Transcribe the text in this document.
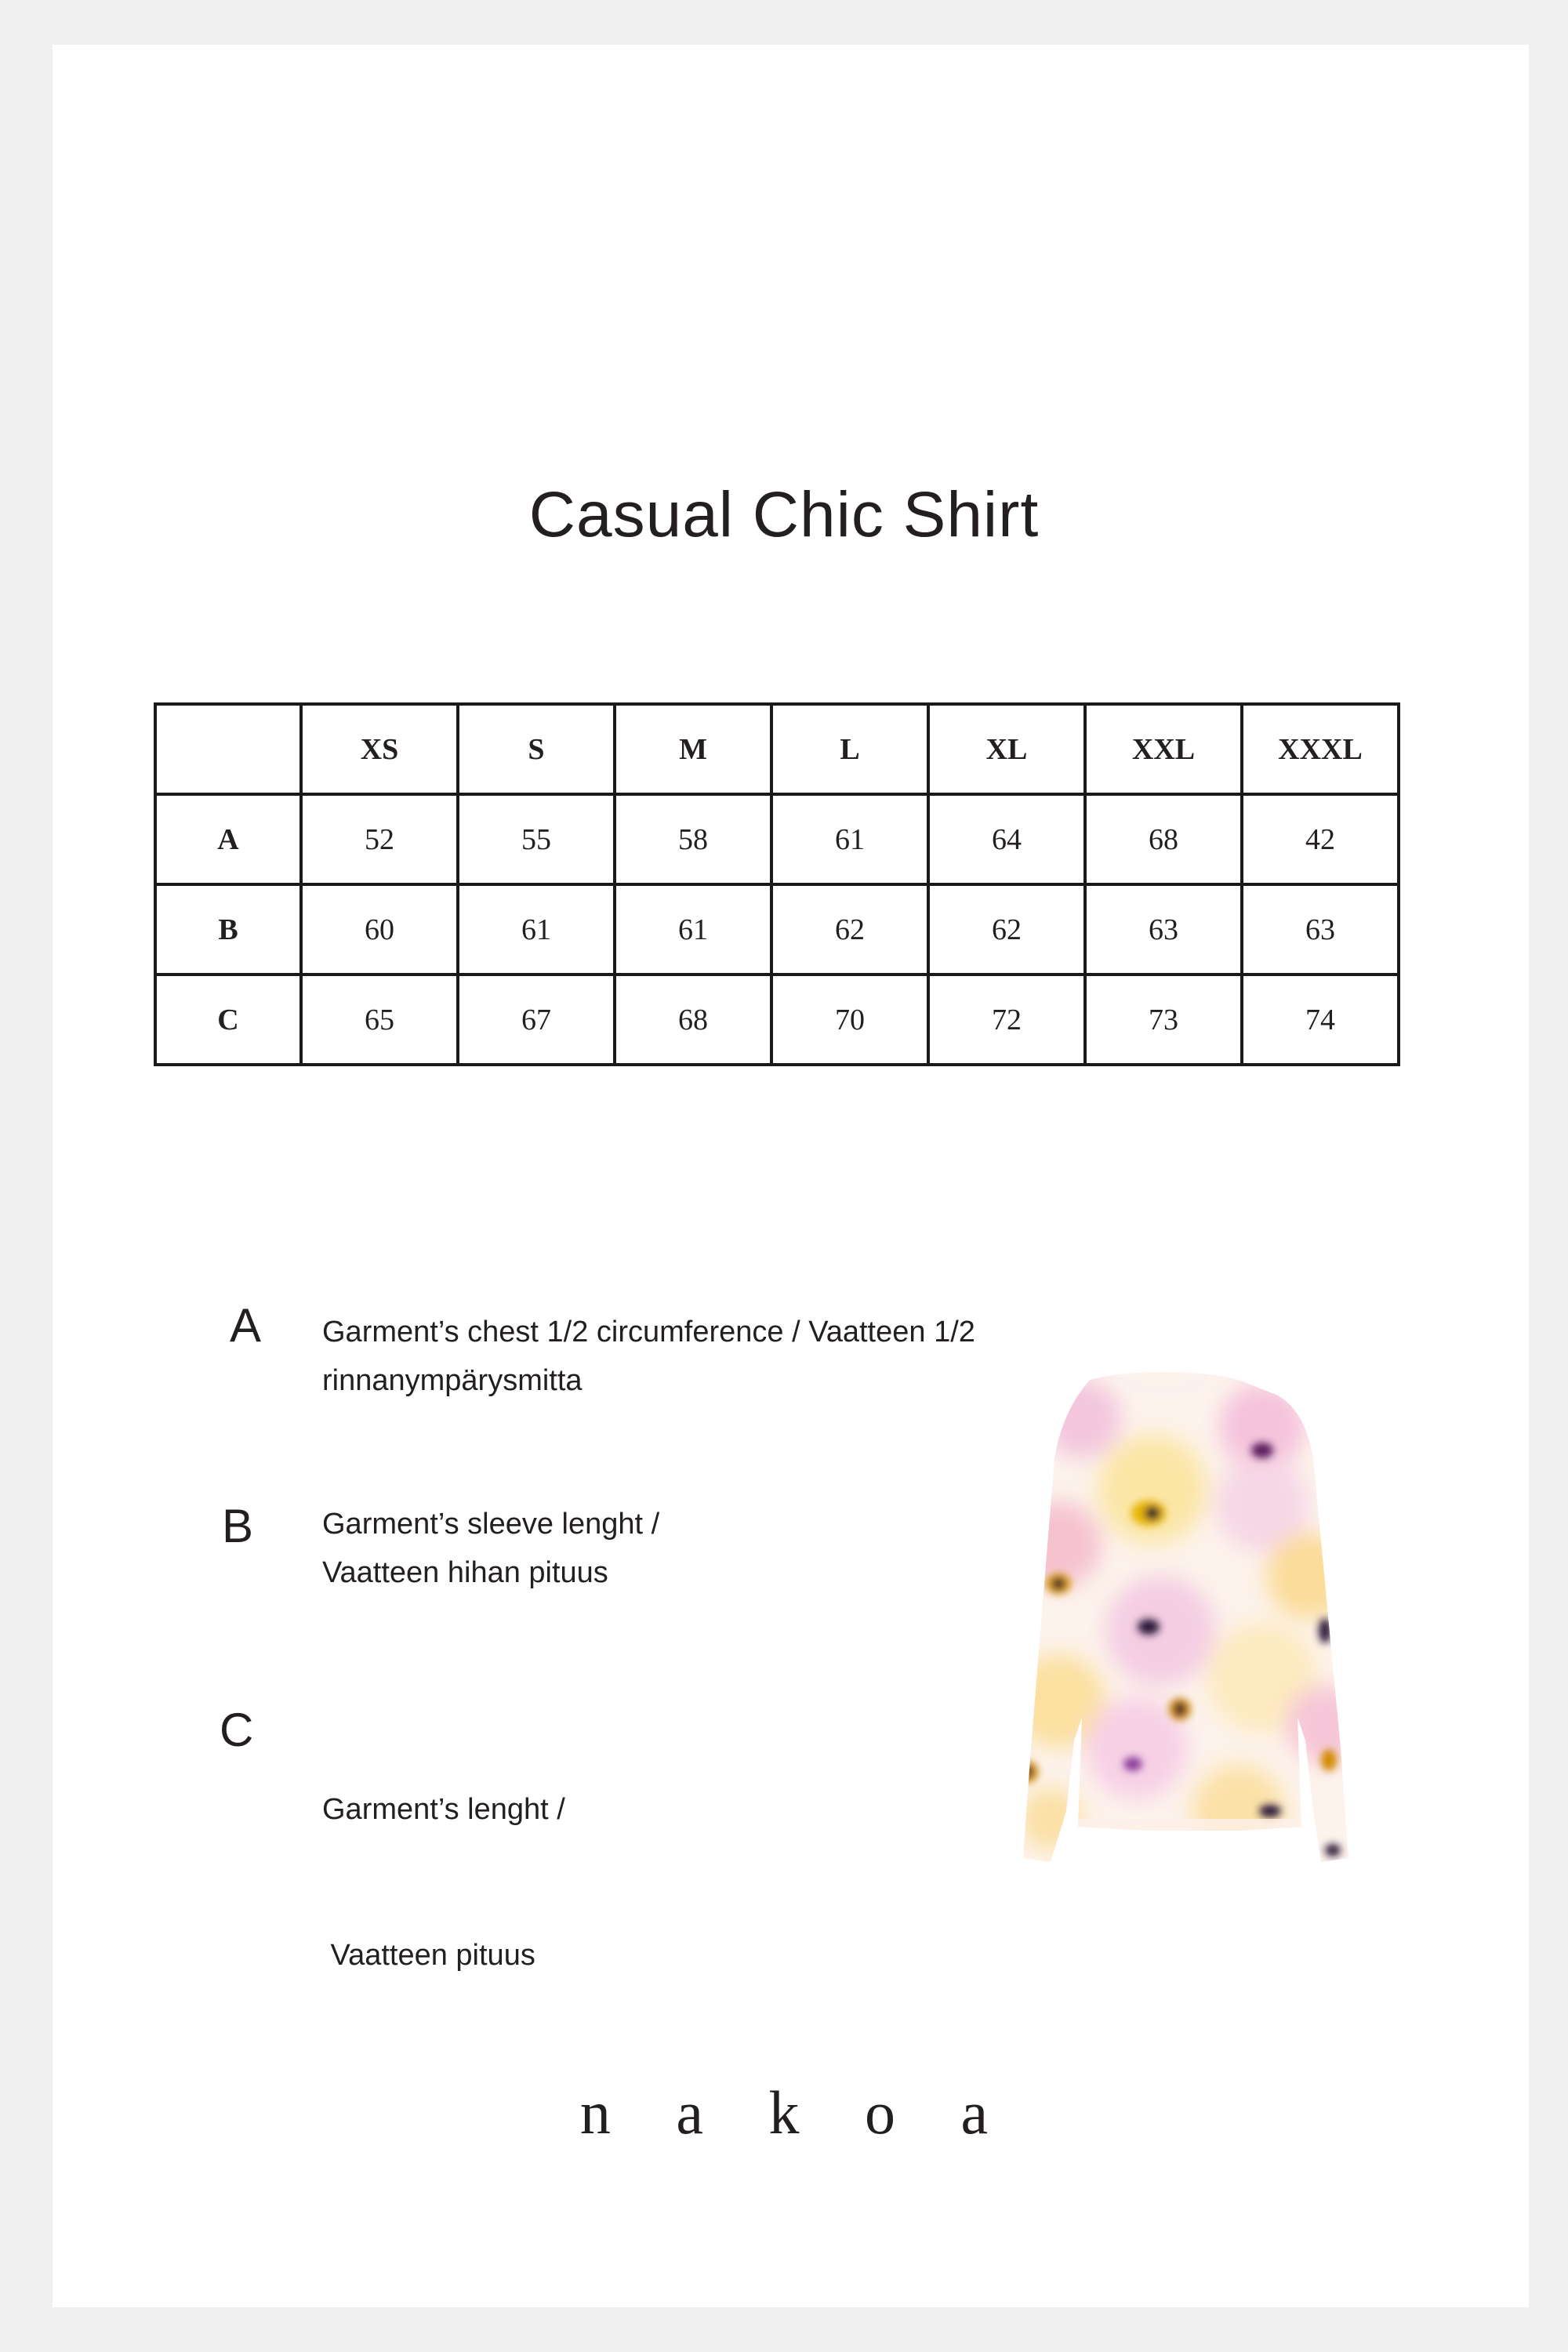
Casual Chic Shirt
	XS	S	M	L	XL	XXL	XXXL
A	52	55	58	61	64	68	42
B	60	61	61	62	62	63	63
C	65	67	68	70	72	73	74
A Garment’s chest 1/2 circumference / Vaatteen 1/2
rinnanympärysmitta
B Garment’s sleeve lenght /
Vaatteen hihan pituus
C

Garment’s lenght /

Vaatteen pituus

n a k o a
